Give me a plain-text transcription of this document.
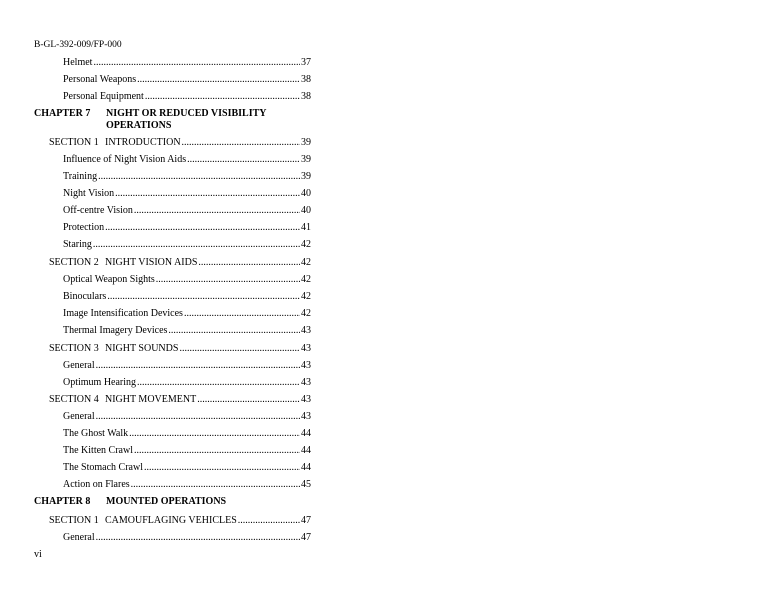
B-GL-392-009/FP-000
Helmet .....	37
Personal Weapons .....	38
Personal Equipment .....	38
CHAPTER 7 NIGHT OR REDUCED VISIBILITY OPERATIONS
SECTION 1 INTRODUCTION .....	39
Influence of Night Vision Aids .....	39
Training .....	39
Night Vision .....	40
Off-centre Vision .....	40
Protection .....	41
Staring .....	42
SECTION 2 NIGHT VISION AIDS .....	42
Optical Weapon Sights .....	42
Binoculars .....	42
Image Intensification Devices .....	42
Thermal Imagery Devices .....	43
SECTION 3 NIGHT SOUNDS .....	43
General .....	43
Optimum Hearing .....	43
SECTION 4 NIGHT MOVEMENT .....	43
General .....	43
The Ghost Walk .....	44
The Kitten Crawl .....	44
The Stomach Crawl .....	44
Action on Flares .....	45
CHAPTER 8 MOUNTED OPERATIONS
SECTION 1 CAMOUFLAGING VEHICLES .....	47
General .....	47
vi
